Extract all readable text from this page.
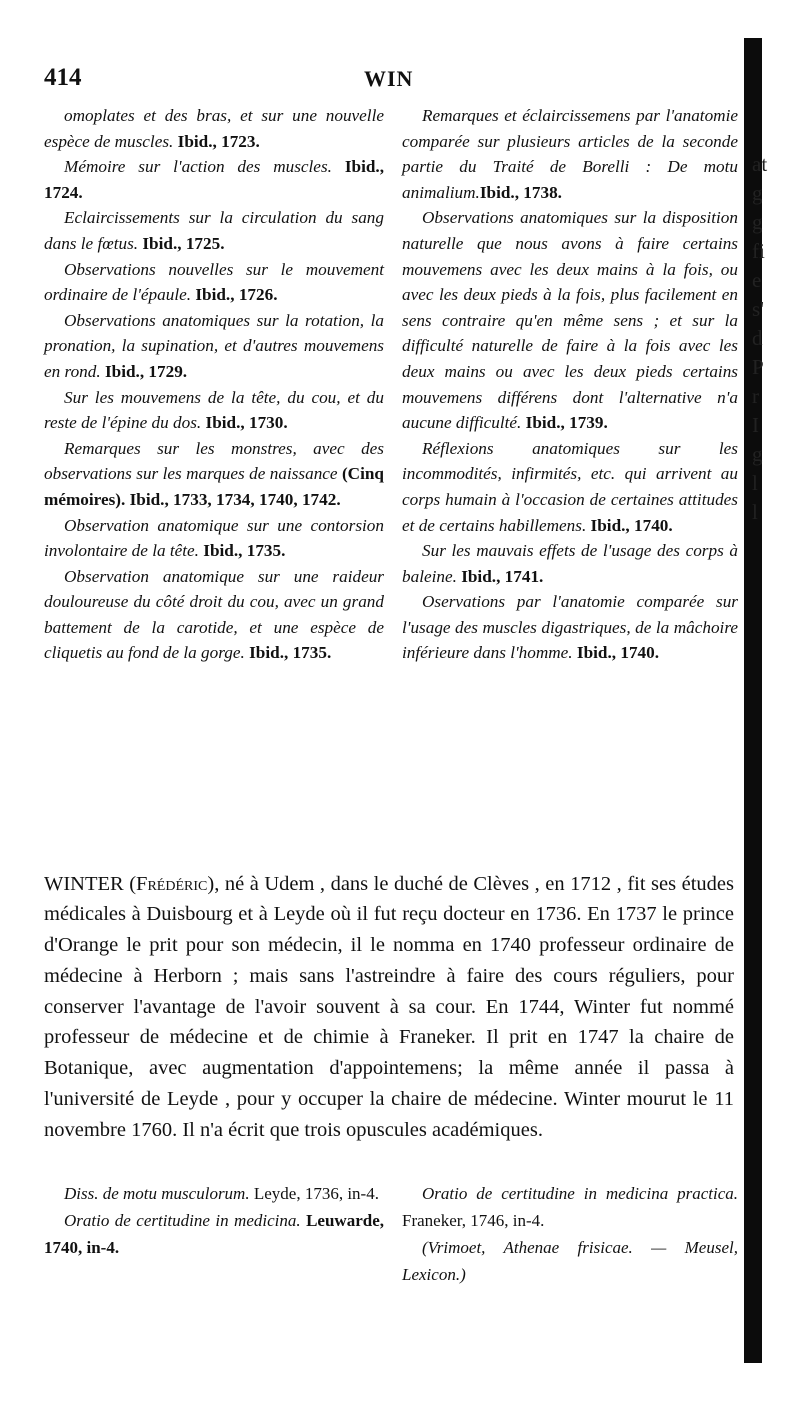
at
g
g
fi
e
s'
d
P
r
I
g
l
l
414	WIN

omoplates et des bras, et sur une nouvelle espèce de muscles. Ibid., 1723.

Mémoire sur l'action des muscles. Ibid., 1724.

Eclaircissements sur la circulation du sang dans le fœtus. Ibid., 1725.

Observations nouvelles sur le mouvement ordinaire de l'épaule. Ibid., 1726.

Observations anatomiques sur la rotation, la pronation, la supination, et d'autres mouvemens en rond. Ibid., 1729.

Sur les mouvemens de la tête, du cou, et du reste de l'épine du dos. Ibid., 1730.

Remarques sur les monstres, avec des observations sur les marques de naissance (Cinq mémoires). Ibid., 1733, 1734, 1740, 1742.

Observation anatomique sur une contorsion involontaire de la tête. Ibid., 1735.

Observation anatomique sur une raideur douloureuse du côté droit du cou, avec un grand battement de la carotide, et une espèce de cliquetis au fond de la gorge. Ibid., 1735.

Remarques et éclaircissemens par l'anatomie comparée sur plusieurs articles de la seconde partie du Traité de Borelli : De motu animalium.Ibid., 1738.

Observations anatomiques sur la disposition naturelle que nous avons à faire certains mouvemens avec les deux mains à la fois, ou avec les deux pieds à la fois, plus facilement en sens contraire qu'en même sens ; et sur la difficulté naturelle de faire à la fois avec les deux mains ou avec les deux pieds certains mouvemens différens dont l'alternative n'a aucune difficulté. Ibid., 1739.

Réflexions anatomiques sur les incommodités, infirmités, etc. qui arrivent au corps humain à l'occasion de certaines attitudes et de certains habillemens. Ibid., 1740.

Sur les mauvais effets de l'usage des corps à baleine. Ibid., 1741.

Oservations par l'anatomie comparée sur l'usage des muscles digastriques, de la mâchoire inférieure dans l'homme. Ibid., 1740.

WINTER (Frédéric), né à Udem , dans le duché de Clèves , en 1712 , fit ses études médicales à Duisbourg et à Leyde où il fut reçu docteur en 1736. En 1737 le prince d'Orange le prit pour son médecin, il le nomma en 1740 professeur ordinaire de médecine à Herborn ; mais sans l'astreindre à faire des cours réguliers, pour conserver l'avantage de l'avoir souvent à sa cour. En 1744, Winter fut nommé professeur de médecine et de chimie à Franeker. Il prit en 1747 la chaire de Botanique, avec augmentation d'appointemens; la même année il passa à l'université de Leyde , pour y occuper la chaire de médecine. Winter mourut le 11 novembre 1760. Il n'a écrit que trois opuscules académiques.

Diss. de motu musculorum. Leyde, 1736, in-4.

Oratio de certitudine in medicina. Leuwarde, 1740, in-4.

Oratio de certitudine in medicina practica. Franeker, 1746, in-4.

(Vrimoet, Athenae frisicae. — Meusel, Lexicon.)
